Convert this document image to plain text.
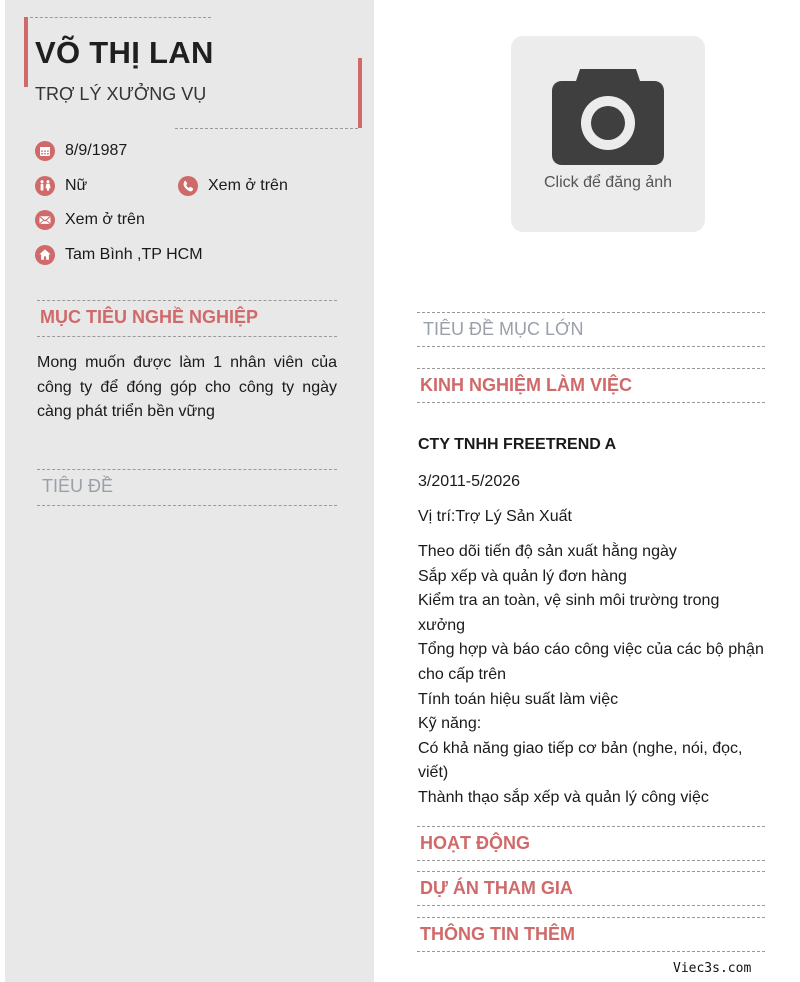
VÕ THỊ LAN
TRỢ LÝ XƯỞNG VỤ
8/9/1987
Nữ	Xem ở trên
Xem ở trên
Tam Bình ,TP HCM
MỤC TIÊU NGHỀ NGHIỆP
Mong muốn được làm 1 nhân viên của công ty để đóng góp cho công ty ngày càng phát triển bền vững
TIÊU ĐỀ
Click để đăng ảnh
TIÊU ĐỀ MỤC LỚN
KINH NGHIỆM LÀM VIỆC
CTY TNHH FREETREND A
3/2011-5/2026
Vị trí:Trợ Lý Sản Xuất
Theo dõi tiến độ sản xuất hằng ngày
Sắp xếp và quản lý đơn hàng
Kiểm tra an toàn, vệ sinh môi trường trong xưởng
Tổng hợp và báo cáo công việc của các bộ phận cho cấp trên
Tính toán hiệu suất làm việc
Kỹ năng:
Có khả năng giao tiếp cơ bản (nghe, nói, đọc, viết)
Thành thạo sắp xếp và quản lý công việc
HOẠT ĐỘNG
DỰ ÁN THAM GIA
THÔNG TIN THÊM
Viec3s.com
